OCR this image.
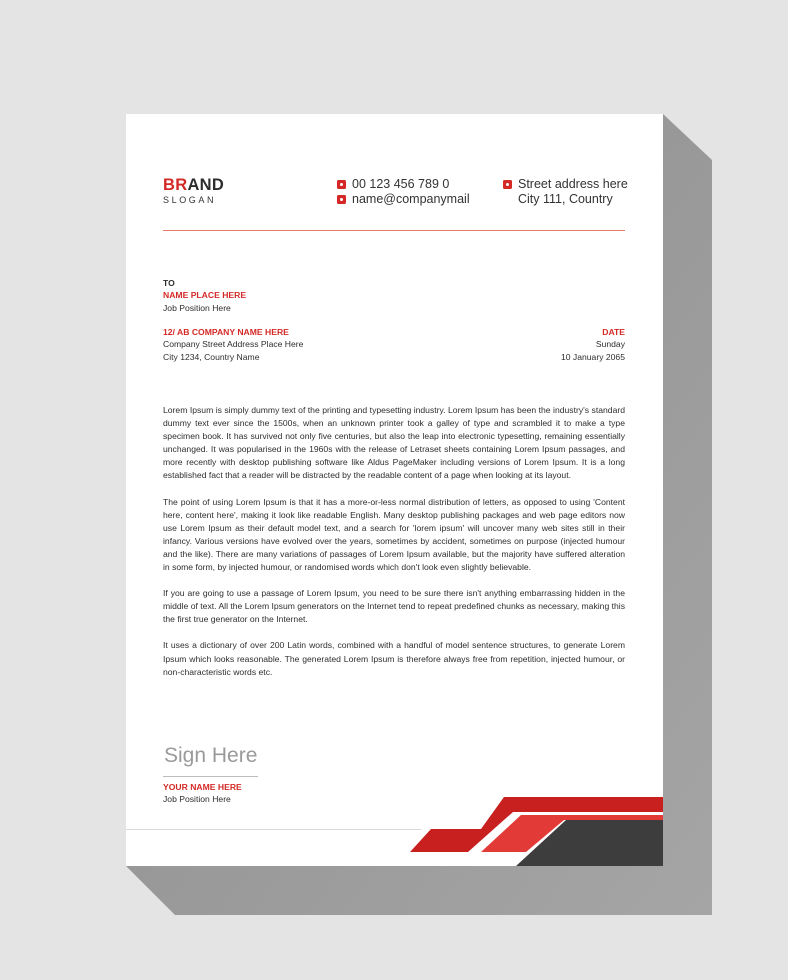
BRAND
SLOGAN
00 123 456 789 0
name@companymail
Street address here
City 111, Country
TO
NAME PLACE HERE
Job Position Here
12/ AB COMPANY NAME HERE
Company Street Address Place Here
City 1234, Country Name
DATE
Sunday
10 January 2065

Lorem Ipsum is simply dummy text of the printing and typesetting industry. Lorem Ipsum has been the industry's standard dummy text ever since the 1500s, when an unknown printer took a galley of type and scrambled it to make a type specimen book. It has survived not only five centuries, but also the leap into electronic typesetting, remaining essentially unchanged. It was popularised in the 1960s with the release of Letraset sheets containing Lorem Ipsum passages, and more recently with desktop publishing software like Aldus PageMaker including versions of Lorem Ipsum. It is a long established fact that a reader will be distracted by the readable content of a page when looking at its layout.

The point of using Lorem Ipsum is that it has a more-or-less normal distribution of letters, as opposed to using 'Content here, content here', making it look like readable English. Many desktop publishing packages and web page editors now use Lorem Ipsum as their default model text, and a search for 'lorem ipsum' will uncover many web sites still in their infancy. Various versions have evolved over the years, sometimes by accident, sometimes on purpose (injected humour and the like). There are many variations of passages of Lorem Ipsum available, but the majority have suffered alteration in some form, by injected humour, or randomised words which don't look even slightly believable.

If you are going to use a passage of Lorem Ipsum, you need to be sure there isn't anything embarrassing hidden in the middle of text. All the Lorem Ipsum generators on the Internet tend to repeat predefined chunks as necessary, making this the first true generator on the Internet.

It uses a dictionary of over 200 Latin words, combined with a handful of model sentence structures, to generate Lorem Ipsum which looks reasonable. The generated Lorem Ipsum is therefore always free from repetition, injected humour, or non-characteristic words etc.

Sign Here
YOUR NAME HERE
Job Position Here
